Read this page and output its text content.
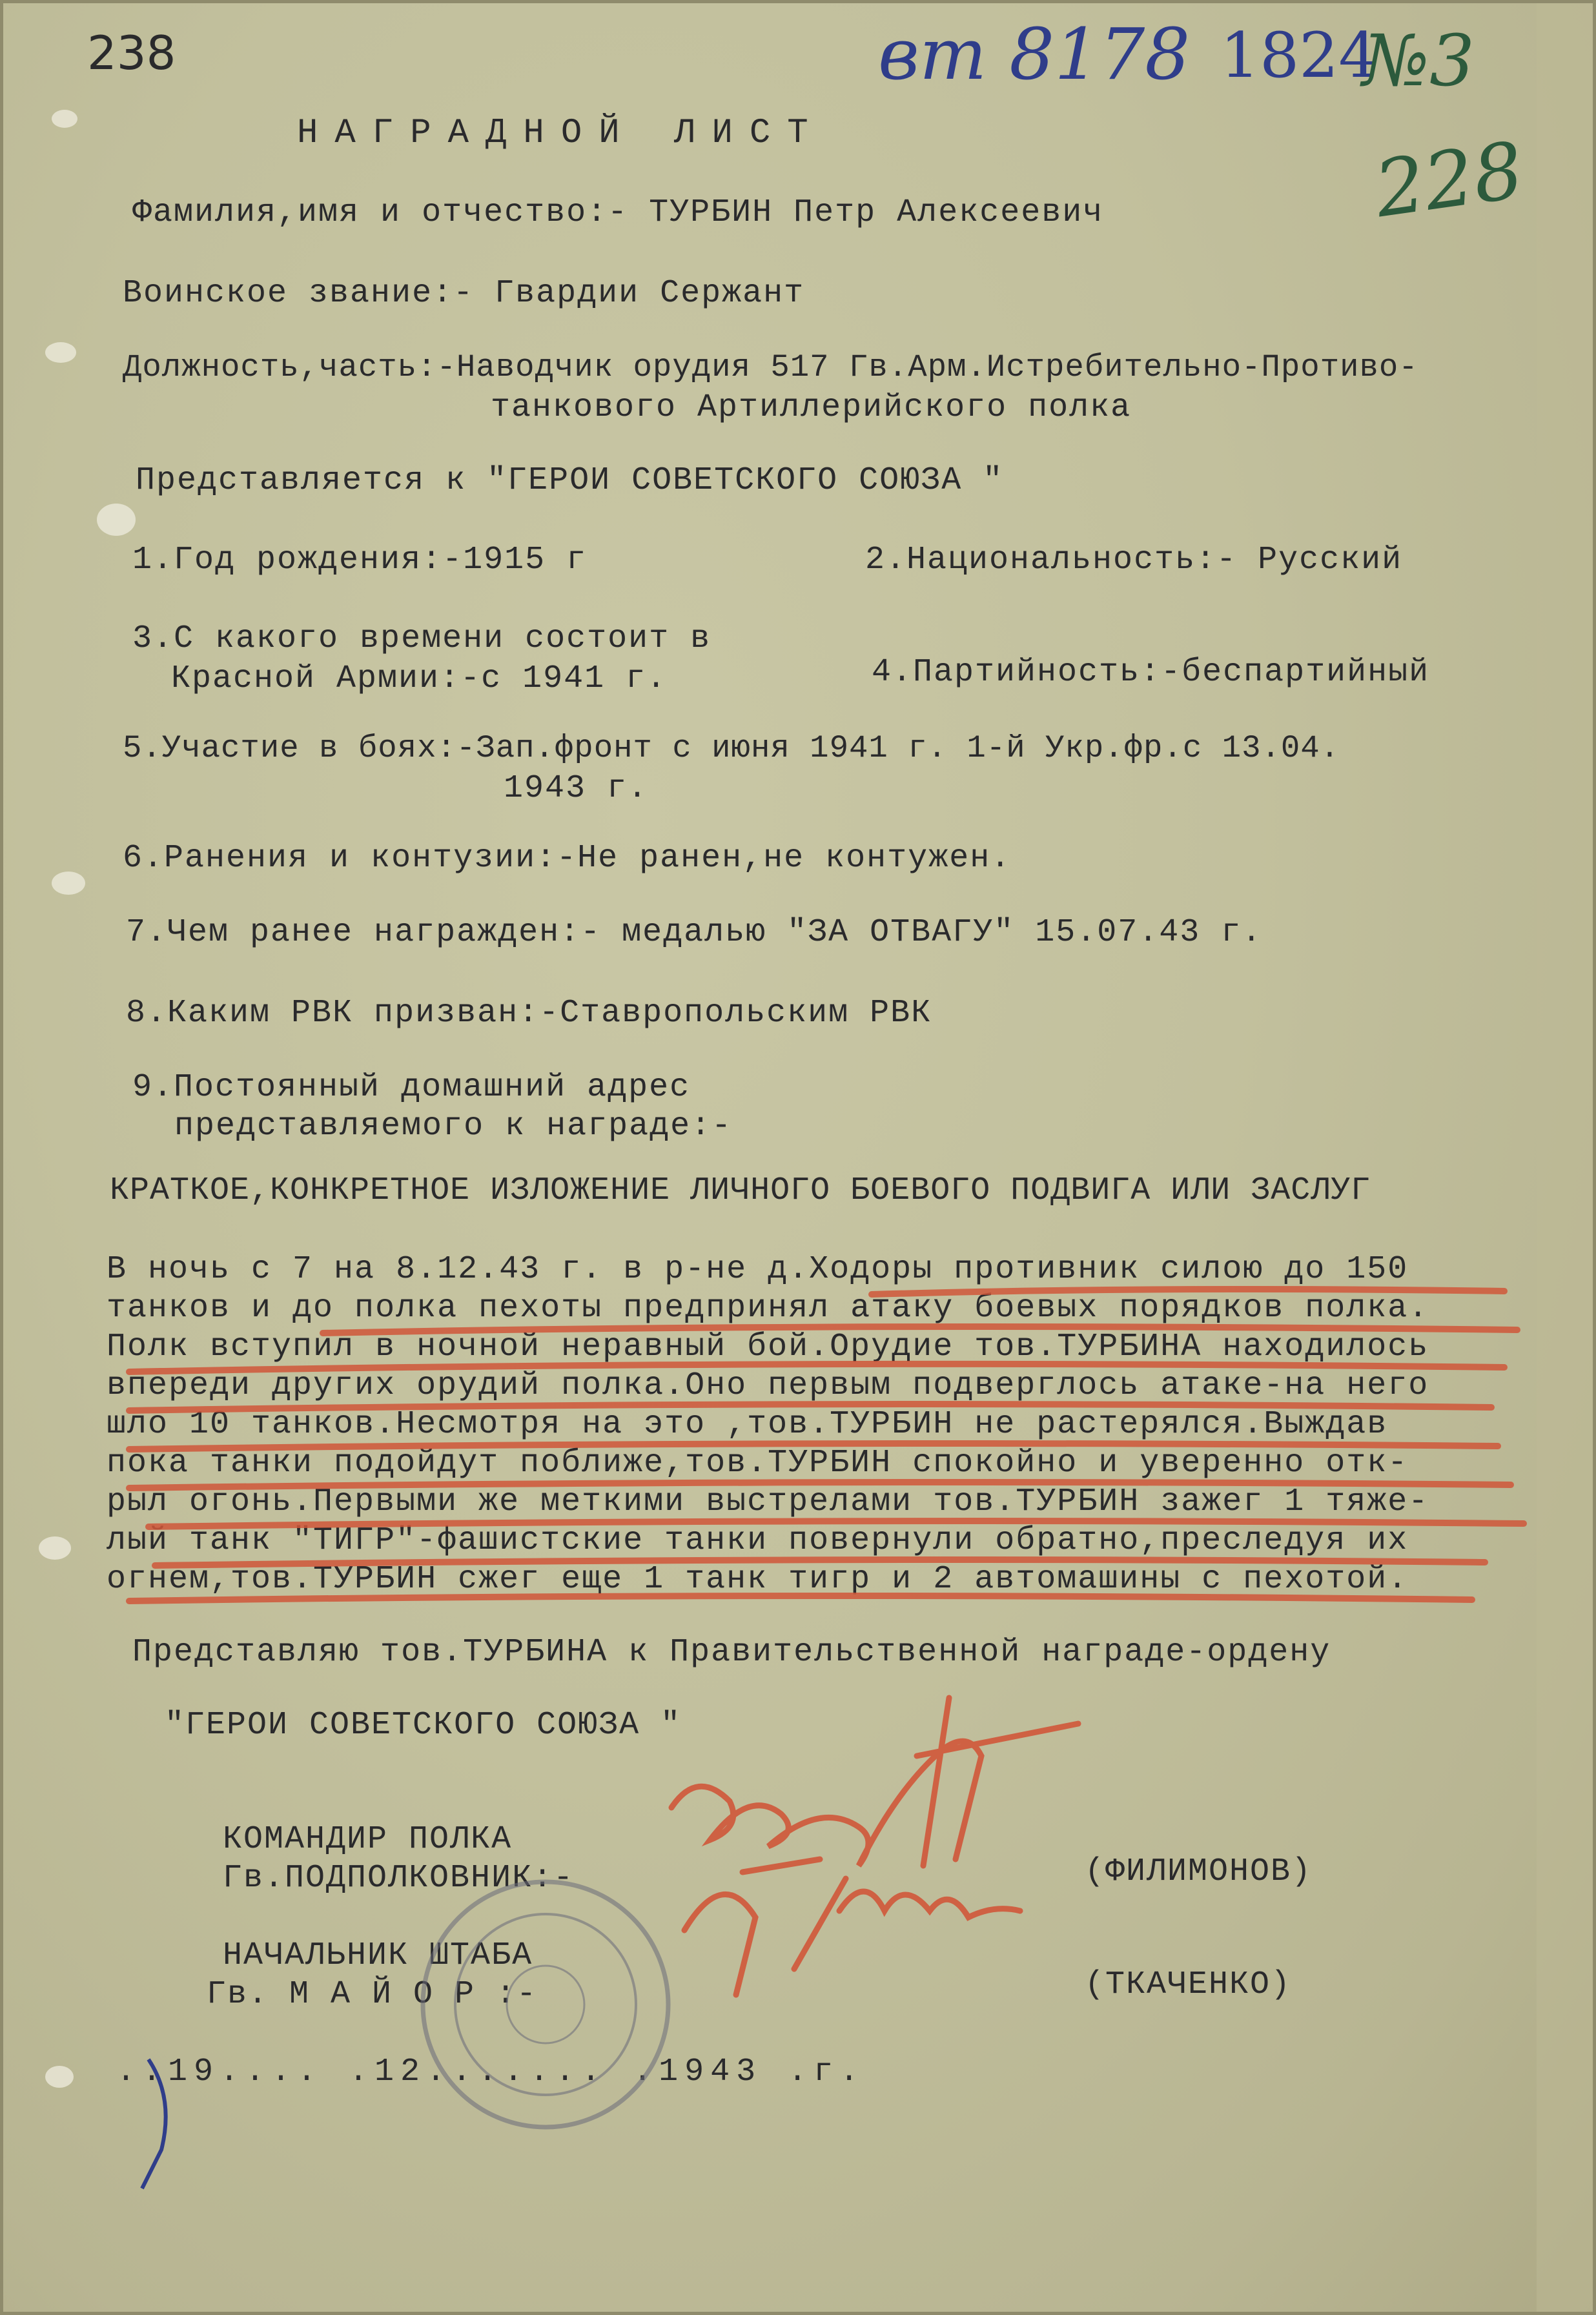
238	вт 8178 1824
№3
228
НАГРАДНОЙ ЛИСТ
Фамилия,имя и отчество:- ТУРБИН Петр Алексеевич
Воинское звание:- Гвардии Сержант
Должность,часть:-Наводчик орудия 517 Гв.Арм.Истребительно-Противо-
танкового Артиллерийского полка
Представляется к "ГЕРОИ СОВЕТСКОГО СОЮЗА "
1.Год рождения:-1915 г	2.Национальность:- Русский
3.С какого времени состоит в
Красной Армии:-с 1941 г.	4.Партийность:-беспартийный
5.Участие в боях:-Зап.фронт с июня 1941 г. 1-й Укр.фр.с 13.04.
1943 г.
6.Ранения и контузии:-Не ранен,не контужен.
7.Чем ранее награжден:- медалью "ЗА ОТВАГУ" 15.07.43 г.
8.Каким РВК призван:-Ставропольским РВК
9.Постоянный домашний адрес
представляемого к награде:-
КРАТКОЕ,КОНКРЕТНОЕ ИЗЛОЖЕНИЕ ЛИЧНОГО БОЕВОГО ПОДВИГА ИЛИ ЗАСЛУГ
В ночь с 7 на 8.12.43 г. в р-не д.Ходоры противник силою до 150
танков и до полка пехоты предпринял атаку боевых порядков полка.
Полк вступил в ночной неравный бой.Орудие тов.ТУРБИНА находилось
впереди других орудий полка.Оно первым подверглось атаке-на него
шло 10 танков.Несмотря на это ,тов.ТУРБИН не растерялся.Выждав
пока танки подойдут поближе,тов.ТУРБИН спокойно и уверенно отк-
рыл огонь.Первыми же меткими выстрелами тов.ТУРБИН зажег 1 тяже-
лый танк "ТИГР"-фашистские танки повернули обратно,преследуя их
огнем,тов.ТУРБИН сжег еще 1 танк тигр и 2 автомашины с пехотой.
Представляю тов.ТУРБИНА к Правительственной награде-ордену
"ГЕРОИ СОВЕТСКОГО СОЮЗА "
КОМАНДИР ПОЛКА
Гв.ПОДПОЛКОВНИК:-	(ФИЛИМОНОВ)
НАЧАЛЬНИК ШТАБА
Гв. М А Й О Р :-	(ТКАЧЕНКО)
..19.... .12....... .1943 .г.
